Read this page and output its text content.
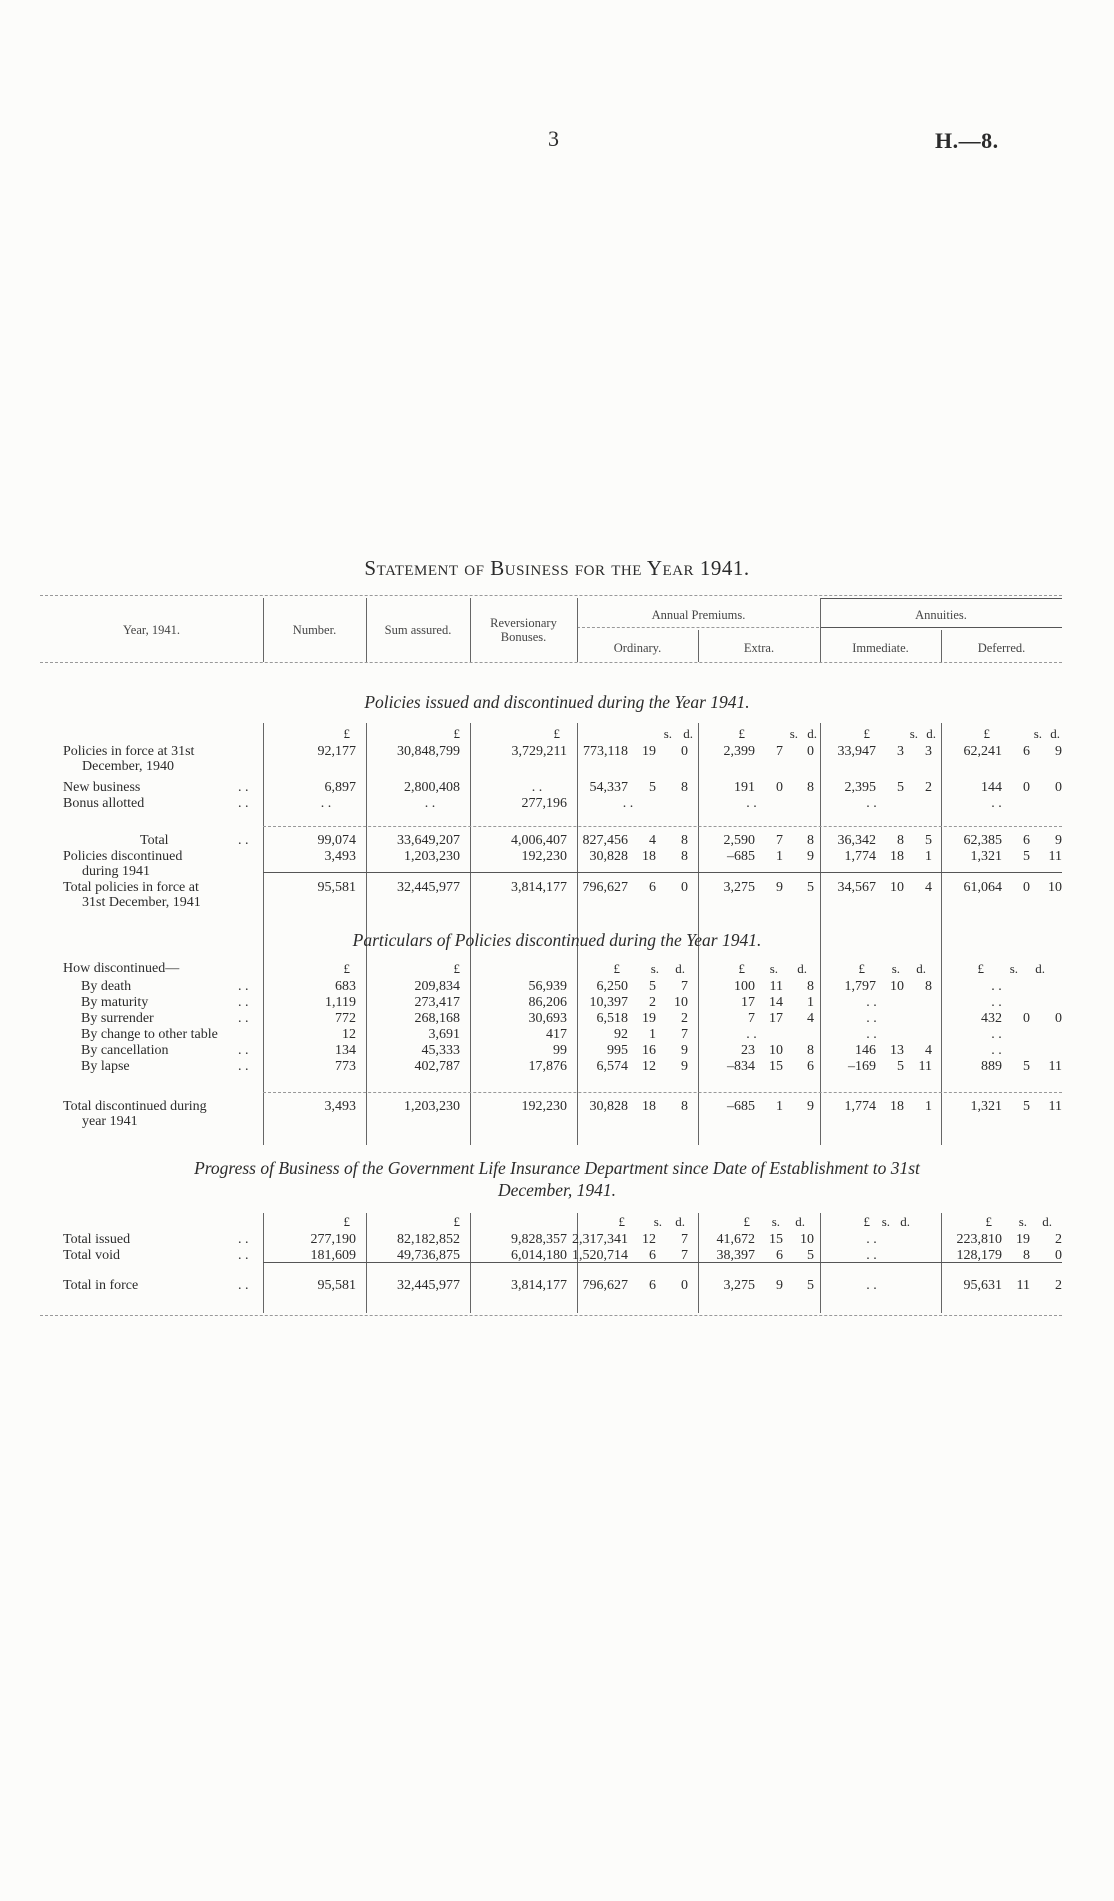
3	H.—8.
Statement of Business for the Year 1941.
Year, 1941.	Number.	Sum assured.	Reversionary
Bonuses.
Annual Premiums.
Ordinary.	Extra.
Annuities.
Immediate.	Deferred.
Policies issued and discontinued during the Year 1941.
£	£	£	s. d.	£	s. d.	£	s. d.	£	s. d.
Policies in force at 31st
December, 1940
92,177	30,848,799	3,729,211	773,118	19	0	2,399	7	0	33,947	3	3	62,241	6	9
New business	. .	6,897	2,800,408	. .	54,337	5	8	191	0	8	2,395	5	2	144	0	0
Bonus allotted	. .	. .	. .	277,196	. .	. .	. .	. .
Total	. .	99,074	33,649,207	4,006,407	827,456	4	8	2,590	7	8	36,342	8	5	62,385	6	9
Policies discontinued
during 1941
3,493	1,203,230	192,230	30,828	18	8	–685	1	9	1,774	18	1	1,321	5	11
Total policies in force at
31st December, 1941
95,581	32,445,977	3,814,177	796,627	6	0	3,275	9	5	34,567	10	4	61,064	0	10
Particulars of Policies discontinued during the Year 1941.
How discontinued—	£	£	£	s.	d.	£	s.	d.	£	s.	d.	£	s.	d.
By death	. .	683	209,834	56,939	6,250	5	7	100	11	8	1,797	10	8	. .
By maturity	. .	1,119	273,417	86,206	10,397	2	10	17	14	1	. .	. .
By surrender	. .	772	268,168	30,693	6,518	19	2	7	17	4	. .	432	0	0
By change to other table	12	3,691	417	92	1	7	. .	. .	. .
By cancellation	. .	134	45,333	99	995	16	9	23	10	8	146	13	4	. .
By lapse	. .	773	402,787	17,876	6,574	12	9	–834	15	6	–169	5	11	889	5	11
Total discontinued during
year 1941
3,493	1,203,230	192,230	30,828	18	8	–685	1	9	1,774	18	1	1,321	5	11
Progress of Business of the Government Life Insurance Department since Date of Establishment to 31st
December, 1941.
£	£	£	s.	d.	£	s.	d.	£ s. d.	£	s.	d.
Total issued	. .	277,190	82,182,852	9,828,357 2,317,341	12	7	41,672	15	10	. .	223,810	19	2
Total void	. .	181,609	49,736,875	6,014,180 1,520,714	6	7	38,397	6	5	. .	128,179	8	0
Total in force	. .	95,581	32,445,977	3,814,177	796,627	6	0	3,275	9	5	. .	95,631	11	2
